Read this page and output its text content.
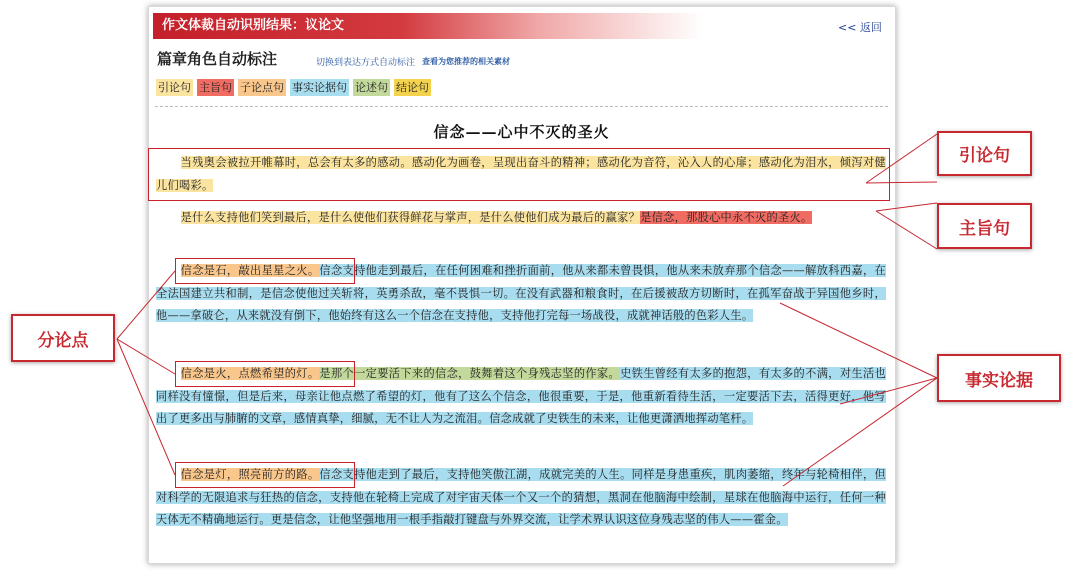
作文体裁自动识别结果：议论文	<< 返回
篇章角色自动标注	切换到表达方式自动标注 查看为您推荐的相关素材
引论句 主旨句 子论点句 事实论据句 论述句 结论句
信念——心中不灭的圣火
当残奥会被拉开帷幕时，总会有太多的感动。感动化为画卷，呈现出奋斗的精神；感动化为音符，沁入人的心扉；感动化为泪水，倾泻对健儿们喝彩。
是什么支持他们笑到最后，是什么使他们获得鲜花与掌声，是什么使他们成为最后的赢家？是信念，那股心中永不灭的圣火。
信念是石，敲出星星之火。信念支持他走到最后，在任何困难和挫折面前，他从来都未曾畏惧，他从来未放弃那个信念——解放科西嘉，在全法国建立共和制，是信念使他过关斩将，英勇杀敌，毫不畏惧一切。在没有武器和粮食时，在后援被敌方切断时，在孤军奋战于异国他乡时，他——拿破仑，从来就没有倒下，他始终有这么一个信念在支持他，支持他打完每一场战役，成就神话般的色彩人生。
信念是火，点燃希望的灯。是那个一定要活下来的信念，鼓舞着这个身残志坚的作家。史铁生曾经有太多的抱怨，有太多的不满，对生活也同样没有憧憬，但是后来，母亲让他点燃了希望的灯，他有了这么个信念，他很重要，于是，他重新看待生活，一定要活下去，活得更好，他写出了更多出与肺腑的文章，感情真挚，细腻，无不让人为之流泪。信念成就了史铁生的未来，让他更潇洒地挥动笔杆。
信念是灯，照亮前方的路。信念支持他走到了最后，支持他笑傲江湖，成就完美的人生。同样是身患重疾，肌肉萎缩，终年与轮椅相伴，但对科学的无限追求与狂热的信念，支持他在轮椅上完成了对宇宙天体一个又一个的猜想，黑洞在他脑海中绘制，星球在他脑海中运行，任何一种天体无不精确地运行。更是信念，让他坚强地用一根手指敲打键盘与外界交流，让学术界认识这位身残志坚的伟人——霍金。
引论句
主旨句
分论点
事实论据
